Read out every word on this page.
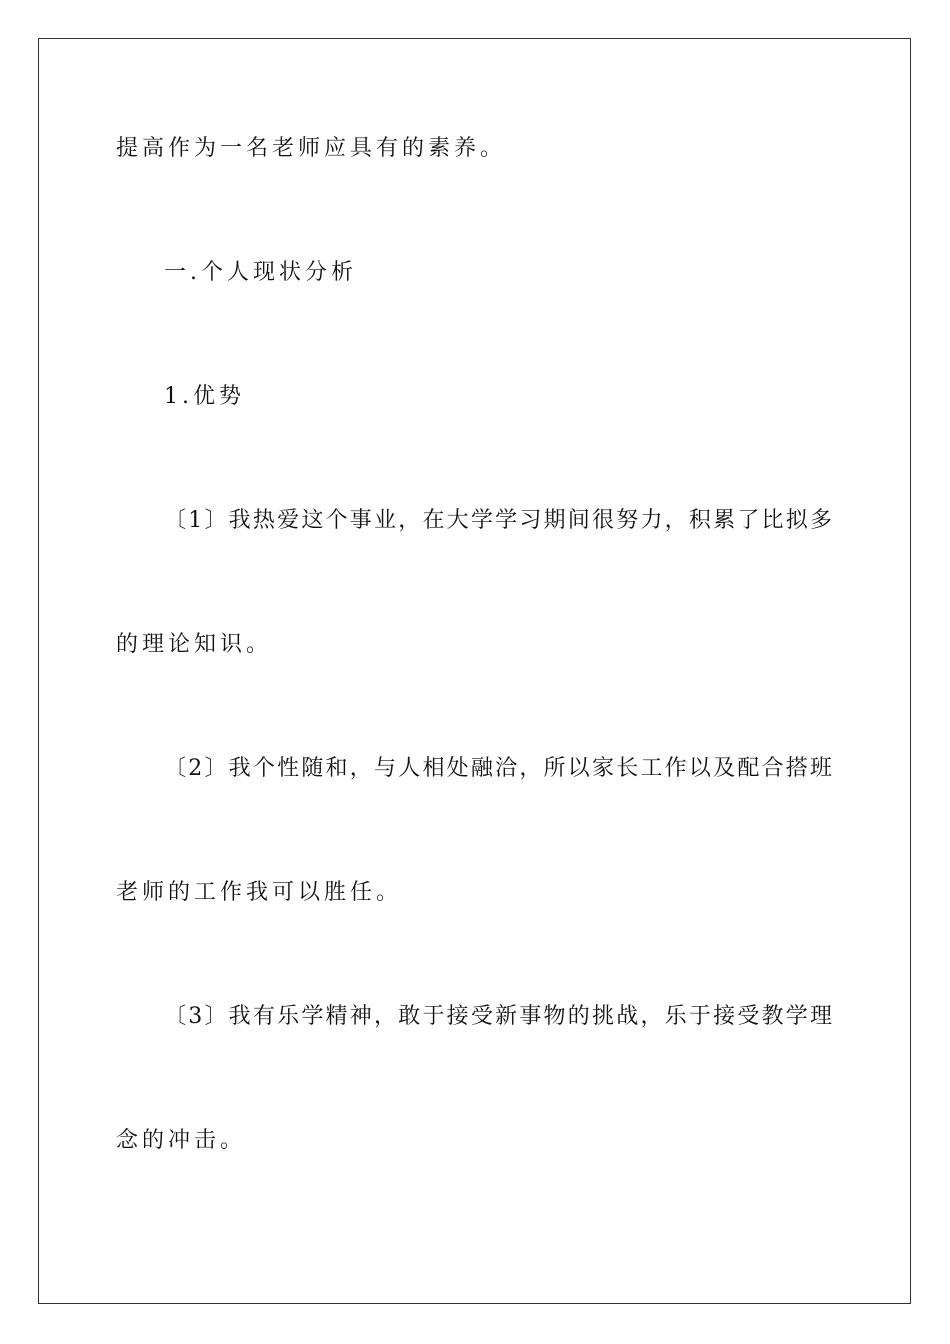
提高作为一名老师应具有的素养。
一.个人现状分析
1.优势
〔1〕我热爱这个事业，在大学学习期间很努力，积累了比拟多
的理论知识。
〔2〕我个性随和，与人相处融洽，所以家长工作以及配合搭班
老师的工作我可以胜任。
〔3〕我有乐学精神，敢于接受新事物的挑战，乐于接受教学理
念的冲击。
